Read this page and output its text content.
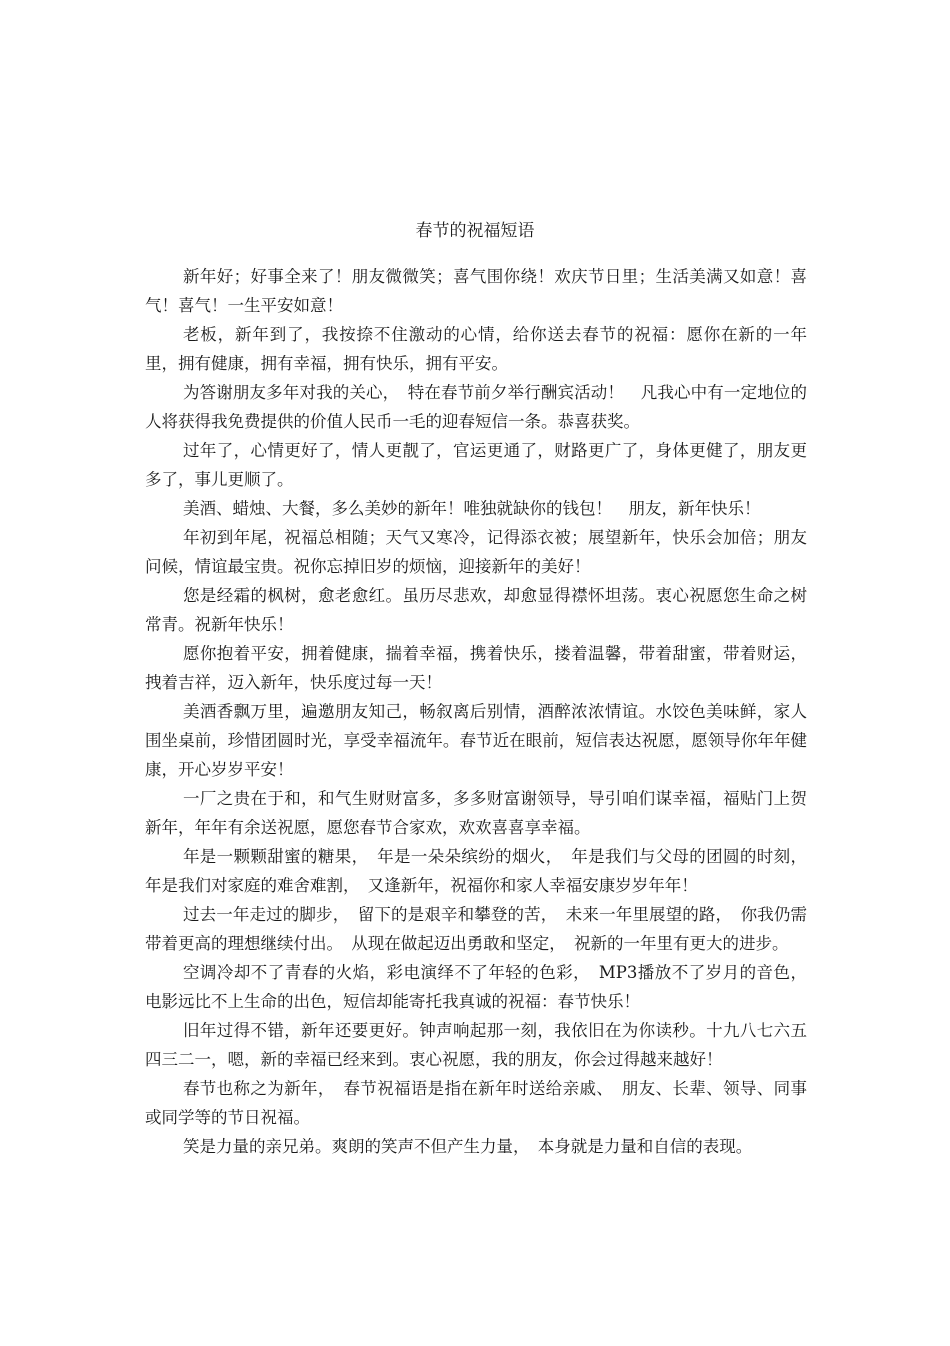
春节的祝福短语

新年好；好事全来了！朋友微微笑；喜气围你绕！欢庆节日里；生活美满又如意！喜气！喜气！一生平安如意！

老板，新年到了，我按捺不住激动的心情，给你送去春节的祝福：愿你在新的一年里，拥有健康，拥有幸福，拥有快乐，拥有平安。

为答谢朋友多年对我的关心，　特在春节前夕举行酬宾活动！　凡我心中有一定地位的人将获得我免费提供的价值人民币一毛的迎春短信一条。恭喜获奖。

过年了，心情更好了，情人更靓了，官运更通了，财路更广了，身体更健了，朋友更多了，事儿更顺了。

美酒、蜡烛、大餐，多么美妙的新年！唯独就缺你的钱包！　朋友，新年快乐！

年初到年尾，祝福总相随；天气又寒冷，记得添衣被；展望新年，快乐会加倍；朋友问候，情谊最宝贵。祝你忘掉旧岁的烦恼，迎接新年的美好！

您是经霜的枫树，愈老愈红。虽历尽悲欢，却愈显得襟怀坦荡。衷心祝愿您生命之树常青。祝新年快乐！

愿你抱着平安，拥着健康，揣着幸福，携着快乐，搂着温馨，带着甜蜜，带着财运，拽着吉祥，迈入新年，快乐度过每一天！

美酒香飘万里，遍邀朋友知己，畅叙离后别情，酒醉浓浓情谊。水饺色美味鲜，家人围坐桌前，珍惜团圆时光，享受幸福流年。春节近在眼前，短信表达祝愿，愿领导你年年健康，开心岁岁平安！

一厂之贵在于和，和气生财财富多，多多财富谢领导，导引咱们谋幸福，福贴门上贺新年，年年有余送祝愿，愿您春节合家欢，欢欢喜喜享幸福。

年是一颗颗甜蜜的糖果，　年是一朵朵缤纷的烟火，　年是我们与父母的团圆的时刻，年是我们对家庭的难舍难割，　又逢新年，祝福你和家人幸福安康岁岁年年！

过去一年走过的脚步，　留下的是艰辛和攀登的苦，　未来一年里展望的路，　你我仍需带着更高的理想继续付出。　从现在做起迈出勇敢和坚定，　祝新的一年里有更大的进步。

空调冷却不了青春的火焰，彩电演绎不了年轻的色彩，　MP3播放不了岁月的音色，电影远比不上生命的出色，短信却能寄托我真诚的祝福：春节快乐！

旧年过得不错，新年还要更好。钟声响起那一刻，我依旧在为你读秒。十九八七六五四三二一，嗯，新的幸福已经来到。衷心祝愿，我的朋友，你会过得越来越好！

春节也称之为新年，　春节祝福语是指在新年时送给亲戚、　朋友、长辈、领导、同事或同学等的节日祝福。

笑是力量的亲兄弟。爽朗的笑声不但产生力量，　本身就是力量和自信的表现。
